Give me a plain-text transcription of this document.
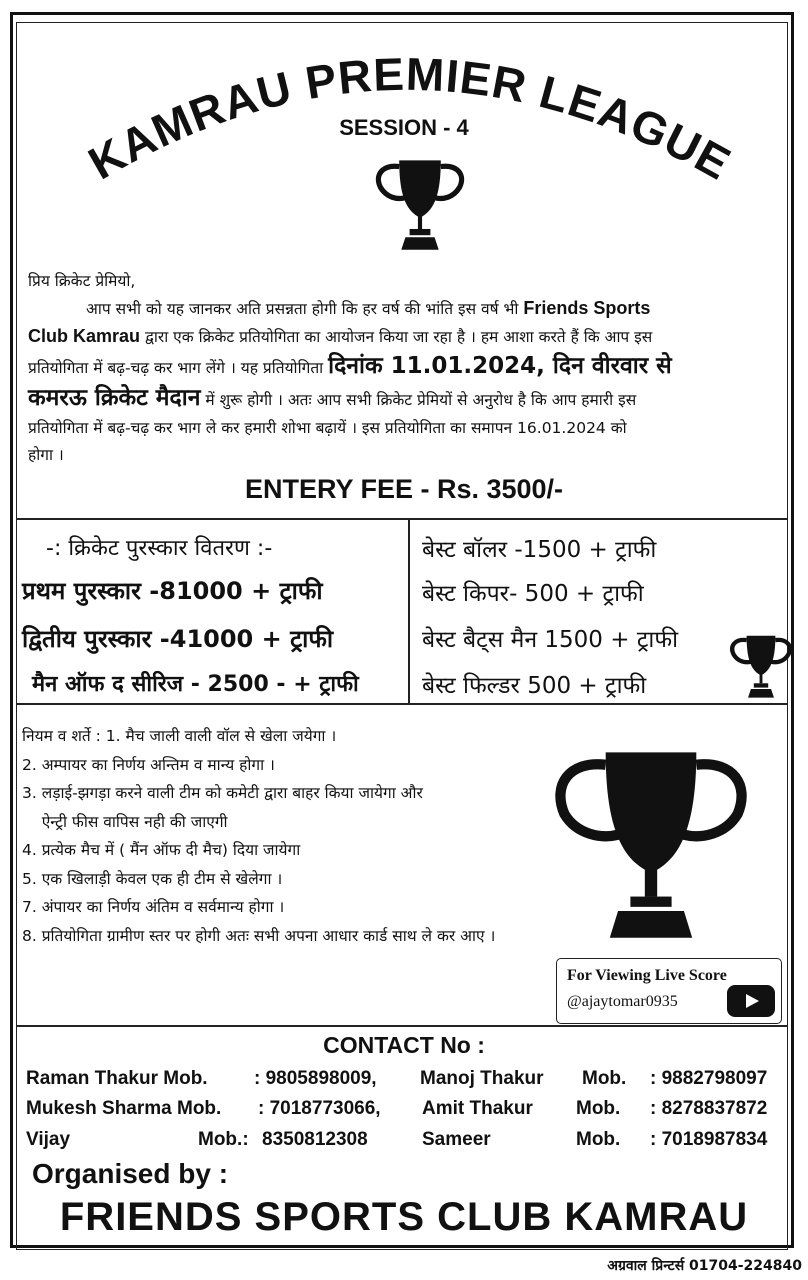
KAMRAU PREMIER LEAGUE
SESSION - 4
प्रिय क्रिकेट प्रेमियो,
आप सभी को यह जानकर अति प्रसन्नता होगी कि हर वर्ष की भांति इस वर्ष भी Friends Sports
Club Kamrau द्वारा एक क्रिकेट प्रतियोगिता का आयोजन किया जा रहा है । हम आशा करते हैं कि आप इस
प्रतियोगिता में बढ़-चढ़ कर भाग लेंगे । यह प्रतियोगिता दिनांक 11.01.2024, दिन वीरवार से
कमरऊ क्रिकेट मैदान में शुरू होगी । अतः आप सभी क्रिकेट प्रेमियों से अनुरोध है कि आप हमारी इस
प्रतियोगिता में बढ़-चढ़ कर भाग ले कर हमारी शोभा बढ़ायें । इस प्रतियोगिता का समापन 16.01.2024 को
होगा ।
ENTERY FEE - Rs. 3500/-
-: क्रिकेट पुरस्कार वितरण :-
प्रथम पुरस्कार -81000 + ट्राफी
द्वितीय पुरस्कार -41000 + ट्राफी
मैन ऑफ द सीरिज - 2500 - + ट्राफी
बेस्ट बॉलर -1500 + ट्राफी
बेस्ट किपर- 500 + ट्राफी
बेस्ट बैट्स मैन 1500 + ट्राफी
बेस्ट फिल्डर 500 + ट्राफी
नियम व शर्ते : 1. मैच जाली वाली वॉल से खेला जयेगा ।
2. अम्पायर का निर्णय अन्तिम व मान्य होगा ।
3. लड़ाई-झगड़ा करने वाली टीम को कमेटी द्वारा बाहर किया जायेगा और
ऐन्ट्री फीस वापिस नही की जाएगी
4. प्रत्येक मैच में ( मैंन ऑफ दी मैच) दिया जायेगा
5. एक खिलाड़ी केवल एक ही टीम से खेलेगा ।
7. अंपायर का निर्णय अंतिम व सर्वमान्य होगा ।
8. प्रतियोगिता ग्रामीण स्तर पर होगी अतः सभी अपना आधार कार्ड साथ ले कर आए ।
For Viewing Live Score
@ajaytomar0935
CONTACT No :
Raman Thakur Mob. : 9805898009,
Mukesh Sharma Mob. : 7018773066,
Vijay	Mob.: 8350812308
Manoj Thakur Mob. : 9882798097
Amit Thakur Mob. : 8278837872
Sameer	Mob. : 7018987834
Organised by :
FRIENDS SPORTS CLUB KAMRAU
अग्रवाल प्रिन्टर्स 01704-224840
